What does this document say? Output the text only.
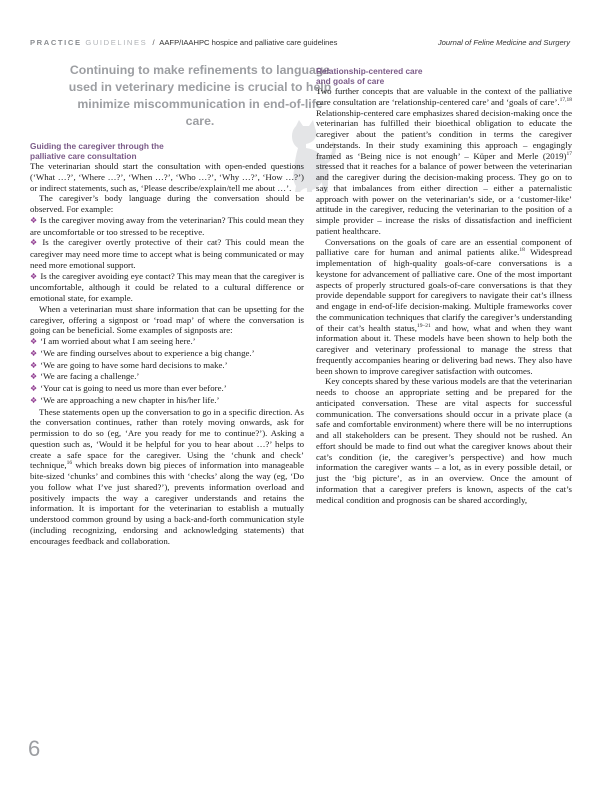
PRACTICE GUIDELINES / AAFP/IAAHPC hospice and palliative care guidelines	Journal of Feline Medicine and Surgery
Continuing to make refinements to language used in veterinary medicine is crucial to help minimize miscommunication in end-of-life care.

Guiding the caregiver through the
palliative care consultation

The veterinarian should start the consultation with open-ended questions (‘What …?’, ‘Where …?’, ‘When …?’, ‘Who …?’, ‘Why …?’, ‘How …?’) or indirect statements, such as, ‘Please describe/explain/tell me about …’.

The caregiver’s body language during the conversation should be observed. For example:

❖ Is the caregiver moving away from the veterinarian? This could mean they are uncomfortable or too stressed to be receptive.

❖ Is the caregiver overtly protective of their cat? This could mean the caregiver may need more time to accept what is being communicated or may need more emotional support.

❖ Is the caregiver avoiding eye contact? This may mean that the caregiver is uncomfortable, although it could be related to a cultural difference or emotional state, for example.

When a veterinarian must share information that can be upsetting for the caregiver, offering a signpost or ‘road map’ of where the conversation is going can be beneficial. Some examples of signposts are:

❖ ‘I am worried about what I am seeing here.’

❖ ‘We are finding ourselves about to experience a big change.’

❖ ‘We are going to have some hard decisions to make.’

❖ ‘We are facing a challenge.’

❖ ‘Your cat is going to need us more than ever before.’

❖ ‘We are approaching a new chapter in his/her life.’

These statements open up the conversation to go in a specific direction. As the conversation continues, rather than rotely moving onwards, ask for permission to do so (eg, ‘Are you ready for me to continue?’). Asking a question such as, ‘Would it be helpful for you to hear about …?’ helps to create a safe space for the caregiver. Using the ‘chunk and check’ technique,$^{16}$ which breaks down big pieces of information into manageable bite-sized ‘chunks’ and combines this with ‘checks’ along the way (eg, ‘Do you follow what I’ve just shared?’), prevents information overload and positively impacts the way a caregiver understands and retains the information. It is important for the veterinarian to establish a mutually understood common ground by using a back-and-forth communication style (including recognizing, endorsing and acknowledging statements) that encourages feedback and collaboration.

Relationship-centered care
and goals of care

Two further concepts that are valuable in the context of the palliative care consultation are ‘relationship-centered care’ and ‘goals of care’.$^{17,18}$ Relationship-centered care emphasizes shared decision-making once the veterinarian has fulfilled their bioethical obligation to educate the caregiver about the patient’s condition in terms the caregiver understands. In their study examining this approach – engagingly framed as ‘Being nice is not enough’ – Küper and Merle $(2019)^{17}$ stressed that it reaches for a balance of power between the veterinarian and the caregiver during the decision-making process. They go on to say that imbalances from either direction – either a paternalistic approach with power on the veterinarian’s side, or a ‘customer-like’ attitude in the caregiver, reducing the veterinarian to the position of a simple provider – increase the risks of dissatisfaction and inefficient patient healthcare.

Conversations on the goals of care are an essential component of palliative care for human and animal patients alike.$^{18}$ Widespread implementation of high-quality goals-of-care conversations is a keystone for advancement of palliative care. One of the most important aspects of properly structured goals-of-care conversations is that they provide dependable support for caregivers to navigate their cat’s illness and engage in end-of-life decision-making. Multiple frameworks cover the communication techniques that clarify the caregiver’s understanding of their cat’s health status,$^{19-21}$ and how, what and when they want information about it. These models have been shown to help both the caregiver and veterinary professional to manage the stress that frequently accompanies hearing or delivering bad news. They also have been shown to improve caregiver satisfaction with outcomes.

Key concepts shared by these various models are that the veterinarian needs to choose an appropriate setting and be prepared for the anticipated conversation. These are vital aspects for successful communication. The conversations should occur in a private place (a safe and comfortable environment) where there will be no interruptions and all stakeholders can be present. They should not be rushed. An effort should be made to find out what the caregiver knows about their cat’s condition (ie, the caregiver’s perspective) and how much information the caregiver wants – a lot, as in every possible detail, or just the ‘big picture’, as in an overview. Once the amount of information that a caregiver prefers is known, aspects of the cat’s medical condition and prognosis can be shared accordingly,

6
